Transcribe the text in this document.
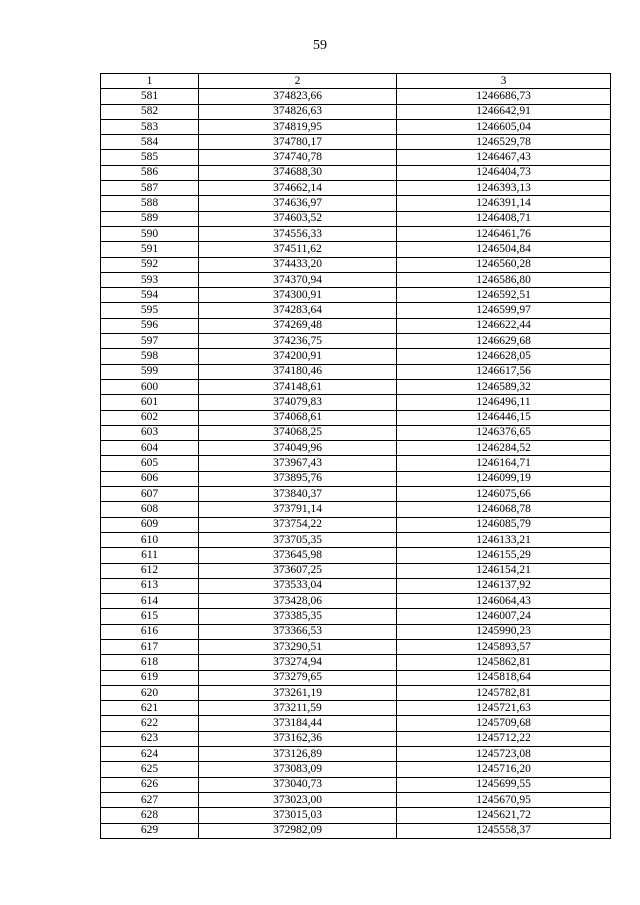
59
1	2	3
581	374823,66	1246686,73
582	374826,63	1246642,91
583	374819,95	1246605,04
584	374780,17	1246529,78
585	374740,78	1246467,43
586	374688,30	1246404,73
587	374662,14	1246393,13
588	374636,97	1246391,14
589	374603,52	1246408,71
590	374556,33	1246461,76
591	374511,62	1246504,84
592	374433,20	1246560,28
593	374370,94	1246586,80
594	374300,91	1246592,51
595	374283,64	1246599,97
596	374269,48	1246622,44
597	374236,75	1246629,68
598	374200,91	1246628,05
599	374180,46	1246617,56
600	374148,61	1246589,32
601	374079,83	1246496,11
602	374068,61	1246446,15
603	374068,25	1246376,65
604	374049,96	1246284,52
605	373967,43	1246164,71
606	373895,76	1246099,19
607	373840,37	1246075,66
608	373791,14	1246068,78
609	373754,22	1246085,79
610	373705,35	1246133,21
611	373645,98	1246155,29
612	373607,25	1246154,21
613	373533,04	1246137,92
614	373428,06	1246064,43
615	373385,35	1246007,24
616	373366,53	1245990,23
617	373290,51	1245893,57
618	373274,94	1245862,81
619	373279,65	1245818,64
620	373261,19	1245782,81
621	373211,59	1245721,63
622	373184,44	1245709,68
623	373162,36	1245712,22
624	373126,89	1245723,08
625	373083,09	1245716,20
626	373040,73	1245699,55
627	373023,00	1245670,95
628	373015,03	1245621,72
629	372982,09	1245558,37
